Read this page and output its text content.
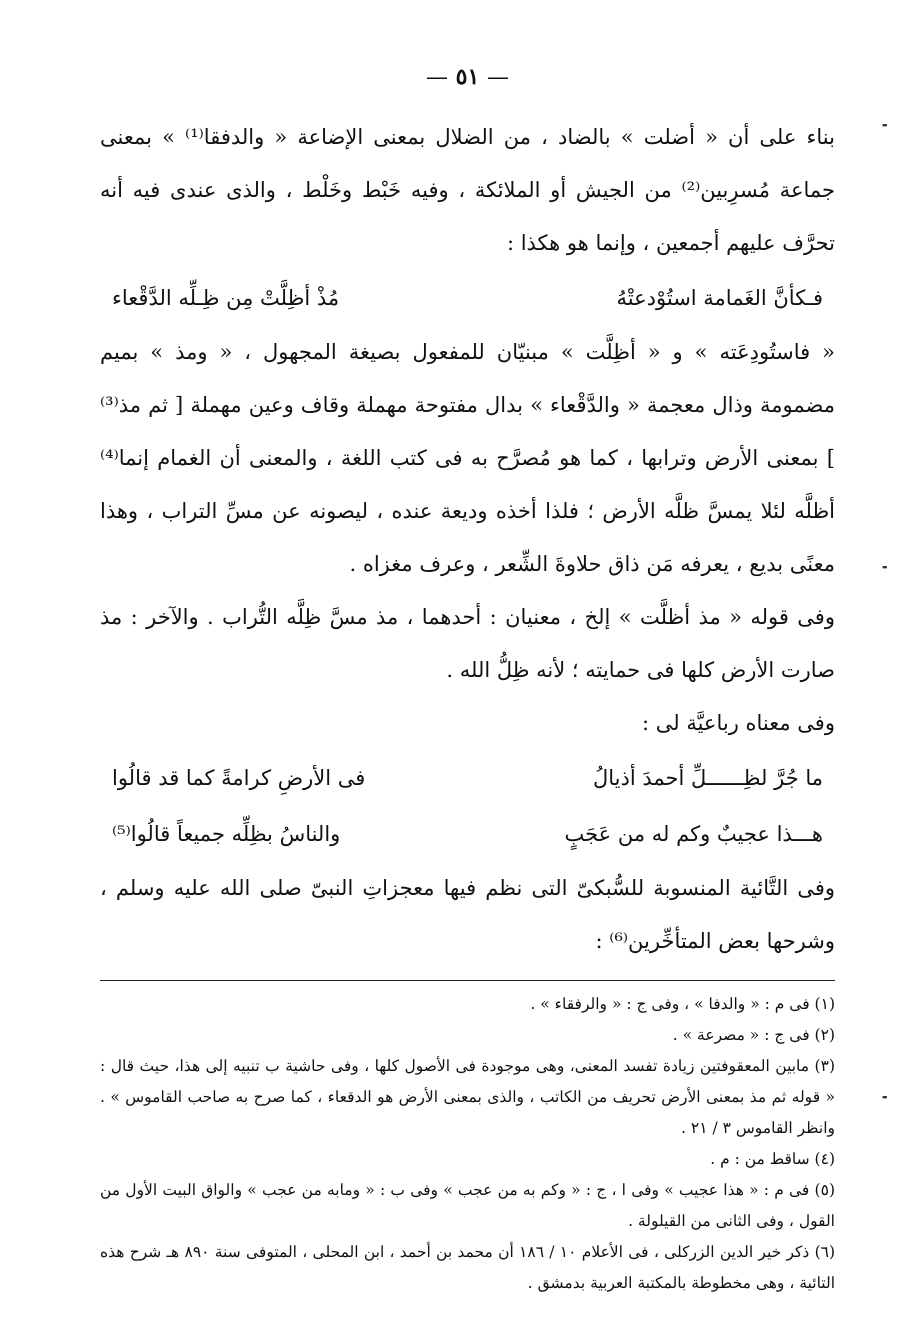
— ٥١ —

بناء على أن « أضلت » بالضاد ، من الضلال بمعنى الإضاعة « والدفقا⁽¹⁾ » بمعنى جماعة مُسرِبين⁽²⁾ من الجيش أو الملائكة ، وفيه خَبْط وخَلْط ، والذى عندى فيه أنه تحرَّف عليهم أجمعين ، وإنما هو هكذا :

فـكأنَّ الغَمامة استُوْدعتْهُ
مُذْ أظِلَّتْ مِن ظِـلِّه الدَّقْعاء

« فاستُودِعَته » و « أظِلَّت » مبنيّان للمفعول بصيغة المجهول ، « ومذ » بميم مضمومة وذال معجمة « والدَّقْعاء » بدال مفتوحة مهملة وقاف وعين مهملة [ ثم مذ⁽³⁾ ] بمعنى الأرض وترابها ، كما هو مُصرَّح به فى كتب اللغة ، والمعنى أن الغمام إنما⁽⁴⁾ أظلَّه لئلا يمسَّ ظلَّه الأرض ؛ فلذا أخذه وديعة عنده ، ليصونه عن مسِّ التراب ، وهذا معنًى بديع ، يعرفه مَن ذاق حلاوةَ الشِّعر ، وعرف مغزاه .

وفى قوله « مذ أظلَّت » إلخ ، معنيان : أحدهما ، مذ مسَّ ظِلَّه التُّراب . والآخر : مذ صارت الأرض كلها فى حمايته ؛ لأنه ظِلُّ الله .

وفى معناه رباعيَّة لى :

ما جُرَّ لظِــــــلِّ أحمدَ أذيالُ
فى الأرضِ كرامةً كما قد قالُوا
هـــذا عجيبٌ وكم له من عَجَبٍ
والناسُ بظِلِّه جميعاً قالُوا⁽⁵⁾

وفى التَّائية المنسوبة للسُّبكىّ التى نظم فيها معجزاتِ النبىّ صلى الله عليه وسلم ، وشرحها بعض المتأخِّرين⁽⁶⁾ :

(١) فى م : « والدفا » ، وفى ج : « والرفقاء » .

(٢) فى ج : « مصرعة » .

(٣) مابين المعقوفتين زيادة تفسد المعنى، وهى موجودة فى الأصول كلها ، وفى حاشية ب تنبيه إلى هذا، حيث قال : « قوله ثم مذ بمعنى الأرض تحريف من الكاتب ، والذى بمعنى الأرض هو الدقعاء ، كما صرح به صاحب القاموس » . وانظر القاموس ٣ / ٢١ .

(٤) ساقط من : م .

(٥) فى م : « هذا عجيب » وفى ا ، ج : « وكم به من عجب » وفى ب : « ومابه من عجب » والواق البيت الأول من القول ، وفى الثانى من القيلولة .

(٦) ذكر خير الدين الزركلى ، فى الأعلام ١٠ / ١٨٦ أن محمد بن أحمد ، ابن المحلى ، المتوفى سنة ٨٩٠ هـ شرح هذه التائية ، وهى مخطوطة بالمكتبة العربية بدمشق .

╸
╸
╸
